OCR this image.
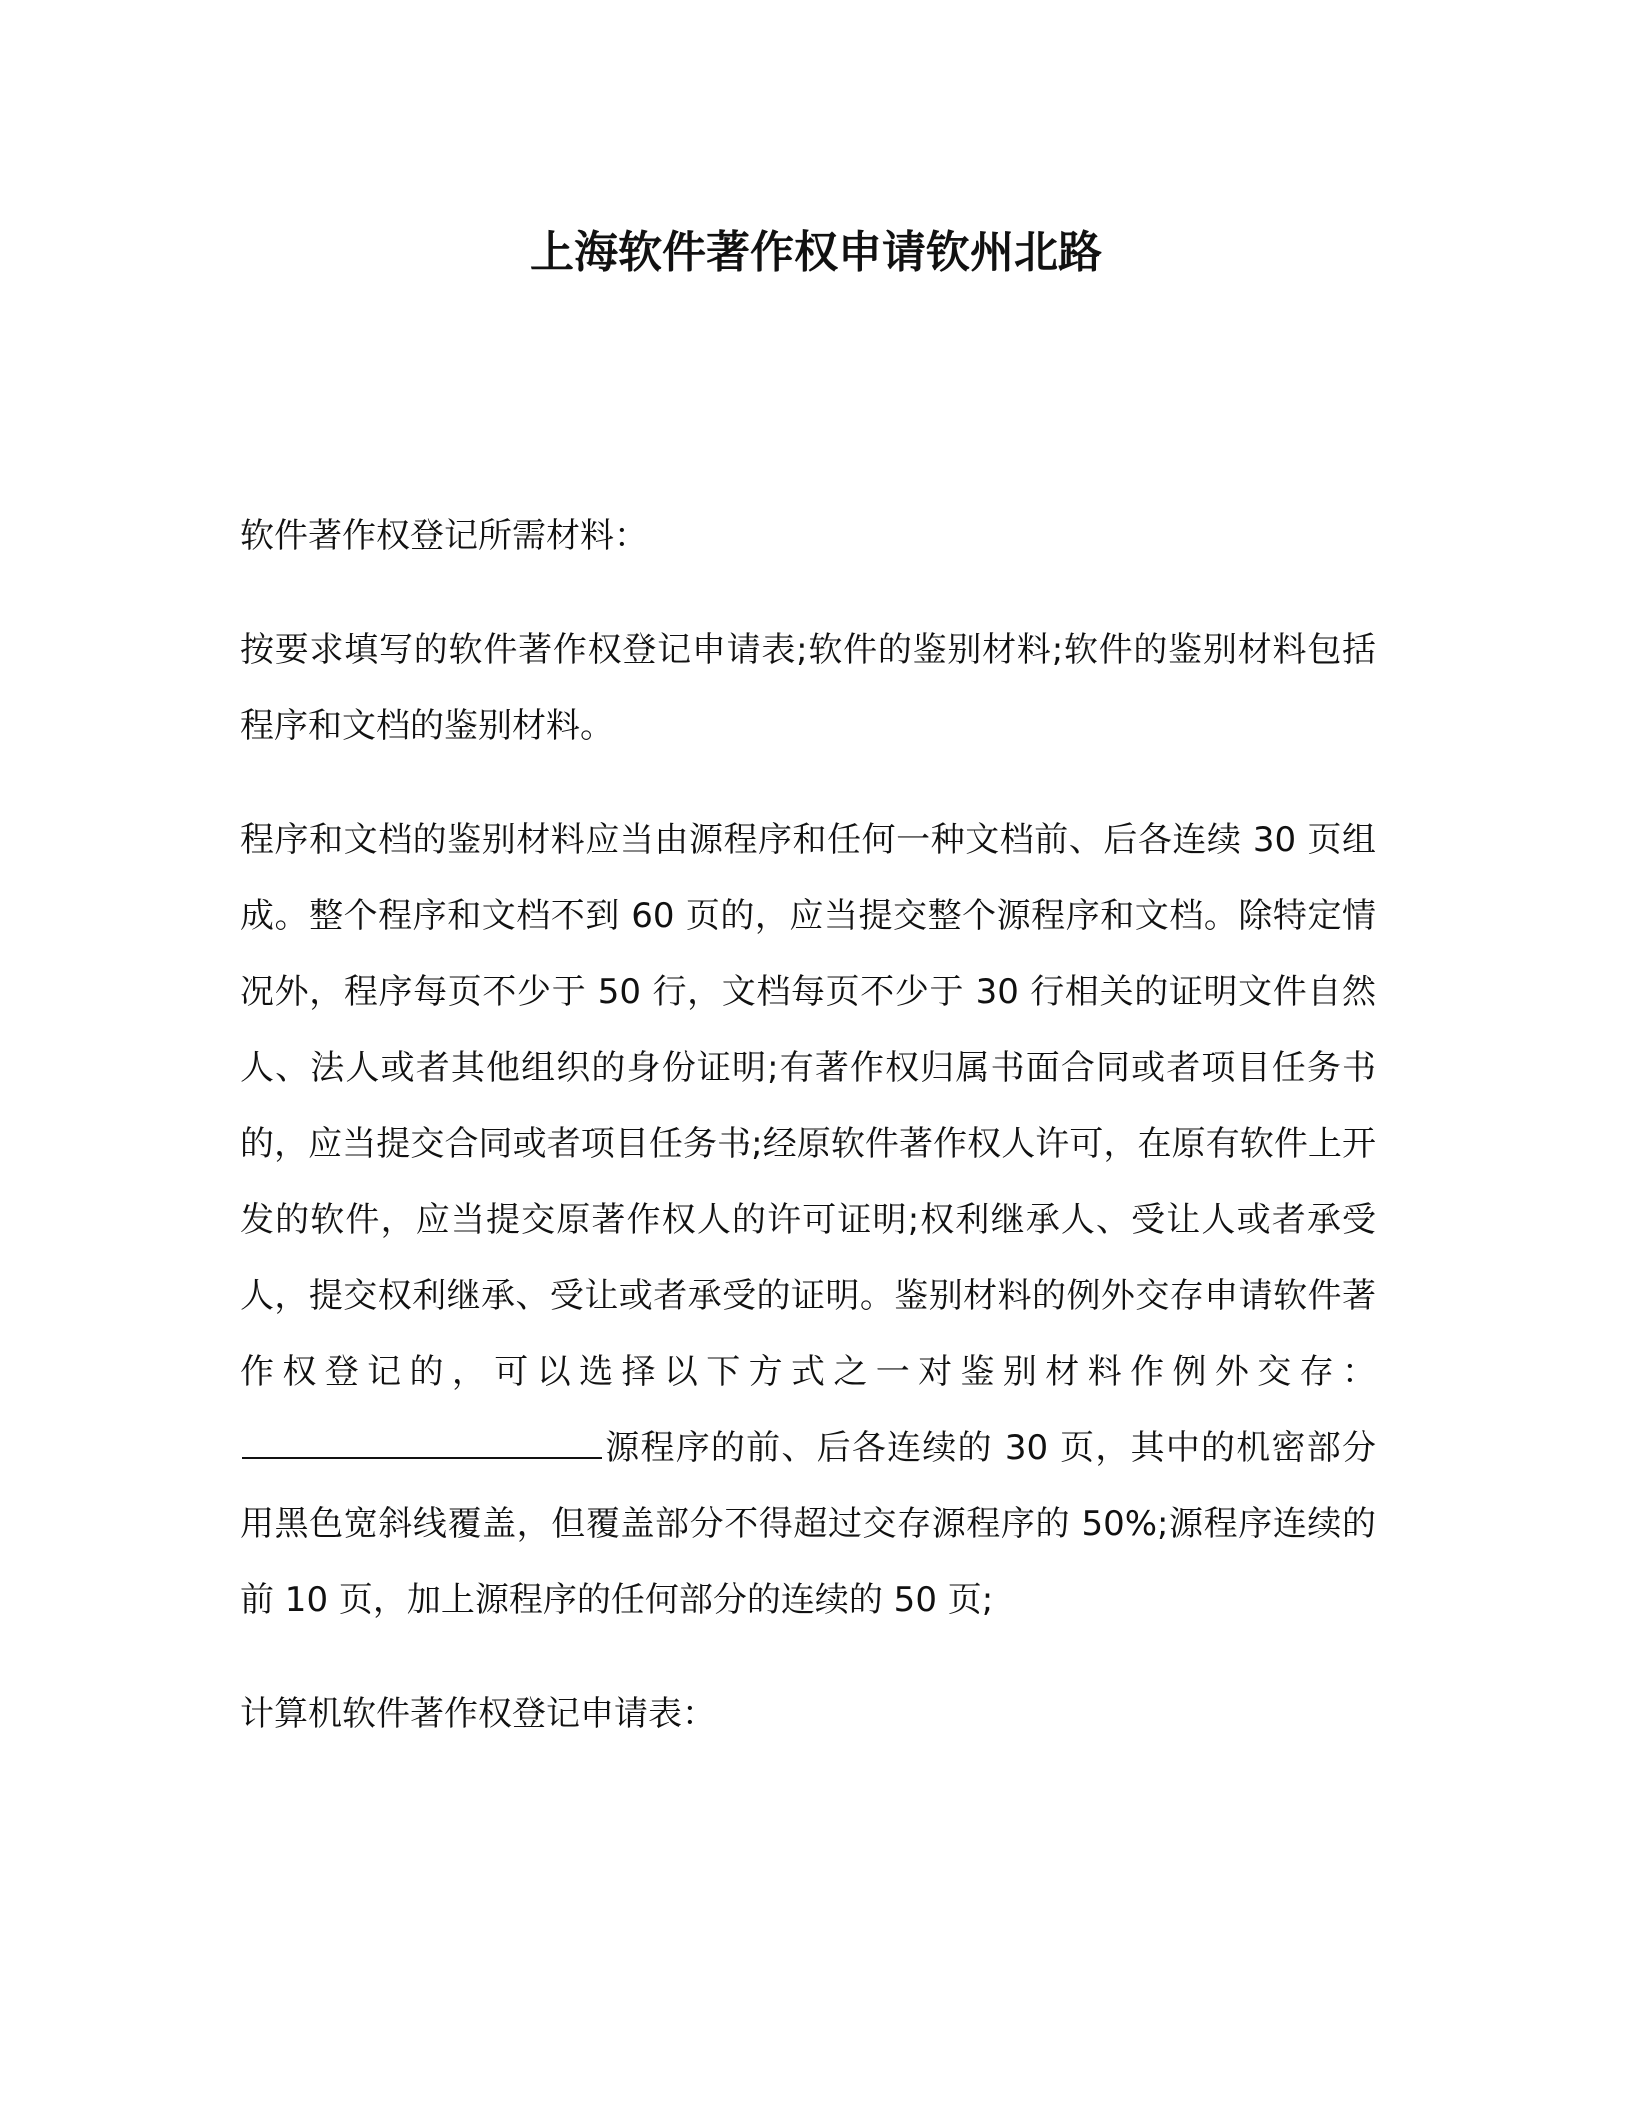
上海软件著作权申请钦州北路

软件著作权登记所需材料：

按要求填写的软件著作权登记申请表;软件的鉴别材料;软件的鉴别材料包括程序和文档的鉴别材料。

程序和文档的鉴别材料应当由源程序和任何一种文档前、后各连续 30 页组成。整个程序和文档不到 60 页的，应当提交整个源程序和文档。除特定情况外，程序每页不少于 50 行，文档每页不少于 30 行相关的证明文件自然人、法人或者其他组织的身份证明;有著作权归属书面合同或者项目任务书的，应当提交合同或者项目任务书;经原软件著作权人许可，在原有软件上开发的软件，应当提交原著作权人的许可证明;权利继承人、受让人或者承受人，提交权利继承、受让或者承受的证明。鉴别材料的例外交存申请软件著作权登记的，可以选择以下方式之一对鉴别材料作例外交存：源程序的前、后各连续的 30 页，其中的机密部分用黑色宽斜线覆盖，但覆盖部分不得超过交存源程序的 50%;源程序连续的前 10 页，加上源程序的任何部分的连续的 50 页;

计算机软件著作权登记申请表：
